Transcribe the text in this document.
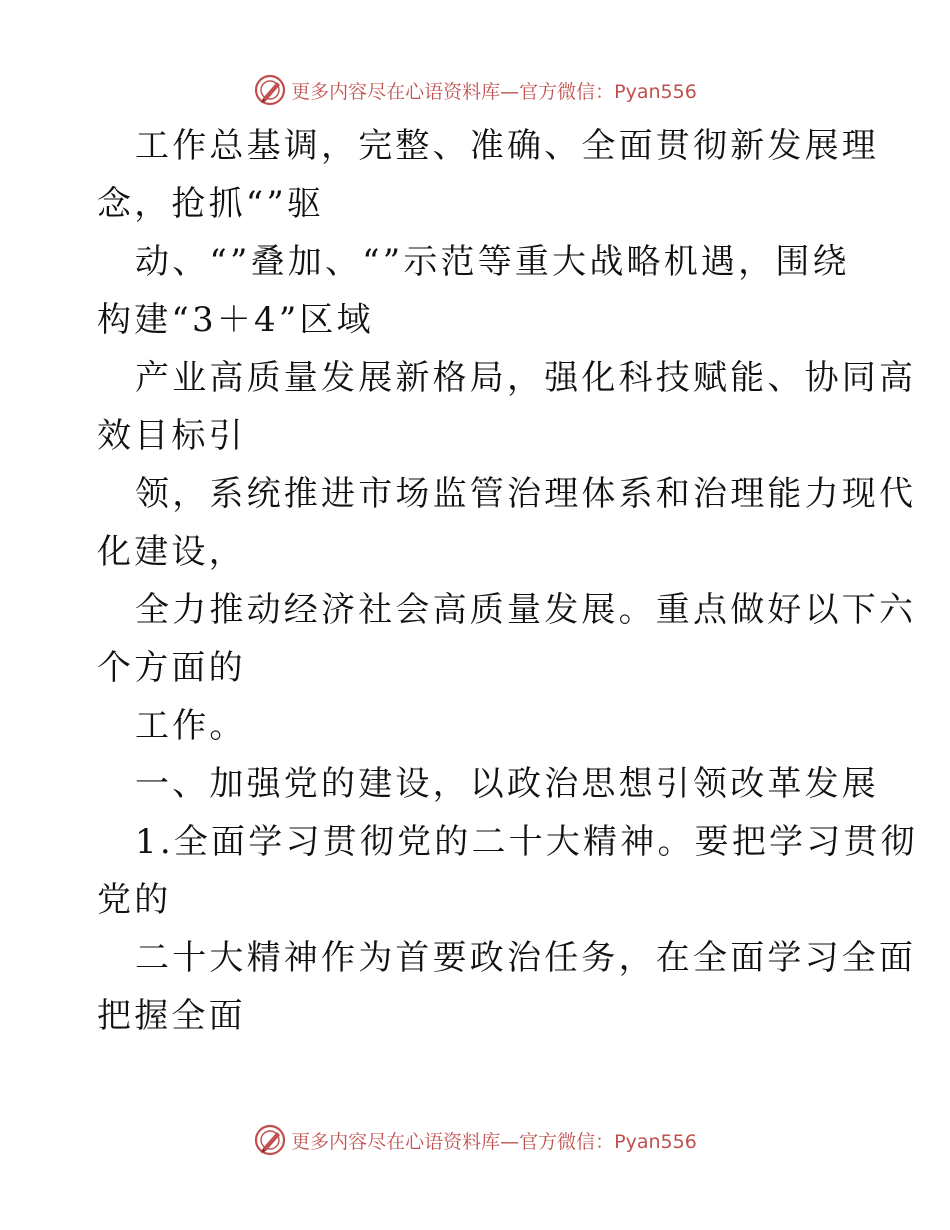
更多内容尽在心语资料库—官方微信：Pyan556

工作总基调，完整、准确、全面贯彻新发展理

念，抢抓“”驱

动、“”叠加、“”示范等重大战略机遇，围绕

构建“3＋4”区域

产业高质量发展新格局，强化科技赋能、协同高

效目标引

领，系统推进市场监管治理体系和治理能力现代

化建设，

全力推动经济社会高质量发展。重点做好以下六

个方面的

工作。

一、加强党的建设，以政治思想引领改革发展

1.全面学习贯彻党的二十大精神。要把学习贯彻

党的

二十大精神作为首要政治任务，在全面学习全面

把握全面

更多内容尽在心语资料库—官方微信：Pyan556
